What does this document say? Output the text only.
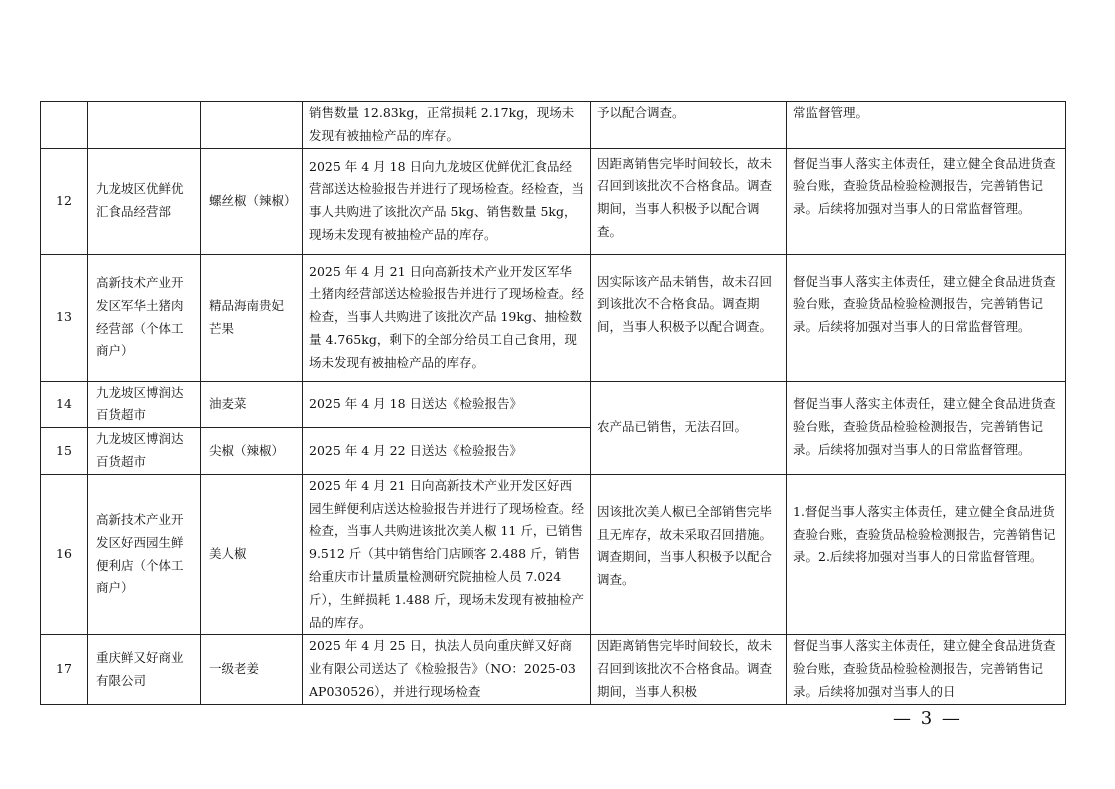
			销售数量 12.83kg，正常损耗 2.17kg，现场未发现有被抽检产品的库存。	予以配合调查。	常监督管理。
12	九龙坡区优鲜优汇食品经营部	螺丝椒（辣椒）	2025 年 4 月 18 日向九龙坡区优鲜优汇食品经营部送达检验报告并进行了现场检查。经检查，当事人共购进了该批次产品 5kg、销售数量 5kg，现场未发现有被抽检产品的库存。	因距离销售完毕时间较长，故未召回到该批次不合格食品。调查期间，当事人积极予以配合调查。	督促当事人落实主体责任，建立健全食品进货查验台账，查验货品检验检测报告，完善销售记录。后续将加强对当事人的日常监督管理。
13	高新技术产业开发区军华土猪肉经营部（个体工商户）	精品海南贵妃芒果	2025 年 4 月 21 日向高新技术产业开发区军华土猪肉经营部送达检验报告并进行了现场检查。经检查，当事人共购进了该批次产品 19kg、抽检数量 4.765kg，剩下的全部分给员工自己食用，现场未发现有被抽检产品的库存。	因实际该产品未销售，故未召回到该批次不合格食品。调查期间，当事人积极予以配合调查。	督促当事人落实主体责任，建立健全食品进货查验台账，查验货品检验检测报告，完善销售记录。后续将加强对当事人的日常监督管理。
14	九龙坡区博润达百货超市	油麦菜	2025 年 4 月 18 日送达《检验报告》	农产品已销售，无法召回。	督促当事人落实主体责任，建立健全食品进货查验台账，查验货品检验检测报告，完善销售记录。后续将加强对当事人的日常监督管理。
15	九龙坡区博润达百货超市	尖椒（辣椒）	2025 年 4 月 22 日送达《检验报告》		
16	高新技术产业开发区好西园生鲜便利店（个体工商户）	美人椒	2025 年 4 月 21 日向高新技术产业开发区好西园生鲜便利店送达检验报告并进行了现场检查。经检查，当事人共购进该批次美人椒 11 斤，已销售 9.512 斤（其中销售给门店顾客 2.488 斤，销售给重庆市计量质量检测研究院抽检人员 7.024 斤），生鲜损耗 1.488 斤，现场未发现有被抽检产品的库存。	因该批次美人椒已全部销售完毕且无库存，故未采取召回措施。调查期间，当事人积极予以配合调查。	1.督促当事人落实主体责任，建立健全食品进货查验台账，查验货品检验检测报告，完善销售记录。2.后续将加强对当事人的日常监督管理。
17	重庆鲜又好商业有限公司	一级老姜	2025 年 4 月 25 日，执法人员向重庆鲜又好商业有限公司送达了《检验报告》（NO：2025-03AP030526），并进行现场检查	因距离销售完毕时间较长，故未召回到该批次不合格食品。调查期间，当事人积极	督促当事人落实主体责任，建立健全食品进货查验台账，查验货品检验检测报告，完善销售记录。后续将加强对当事人的日
— 3 —
